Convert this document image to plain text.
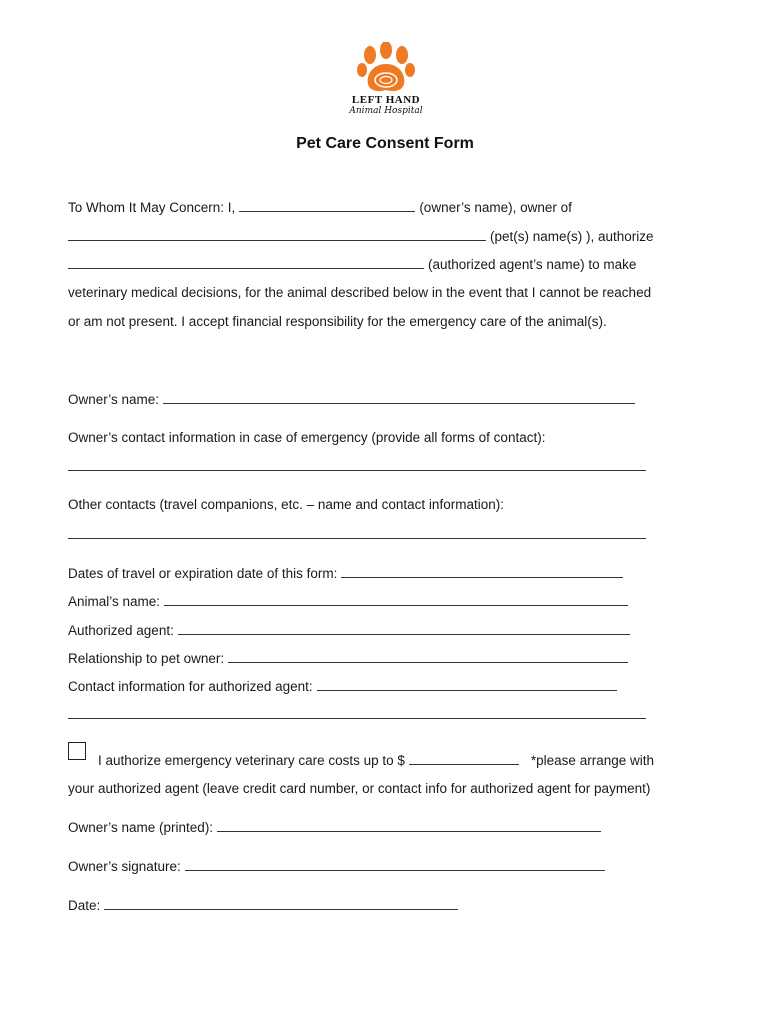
LEFT HAND
Animal Hospital
Pet Care Consent Form
To Whom It May Concern: I,	(owner’s name), owner of
(pet(s) name(s) ), authorize
(authorized agent’s name) to make
veterinary medical decisions, for the animal described below in the event that I cannot be reached
or am not present. I accept financial responsibility for the emergency care of the animal(s).
Owner’s name:
Owner’s contact information in case of emergency (provide all forms of contact):
Other contacts (travel companions, etc. – name and contact information):
Dates of travel or expiration date of this form:
Animal’s name:
Authorized agent:
Relationship to pet owner:
Contact information for authorized agent:
I authorize emergency veterinary care costs up to $	*please arrange with
your authorized agent (leave credit card number, or contact info for authorized agent for payment)
Owner’s name (printed):
Owner’s signature:
Date:
